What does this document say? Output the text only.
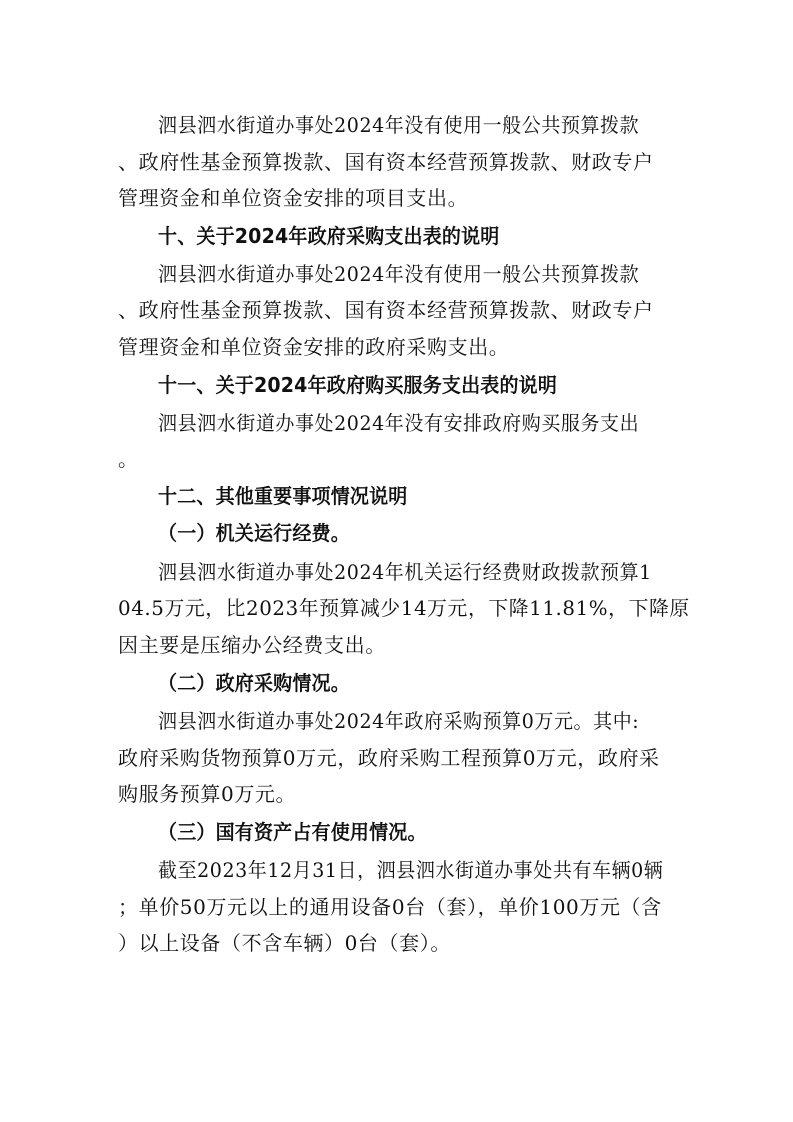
泗县泗水街道办事处2024年没有使用一般公共预算拨款
、政府性基金预算拨款、国有资本经营预算拨款、财政专户
管理资金和单位资金安排的项目支出。
十、关于2024年政府采购支出表的说明
泗县泗水街道办事处2024年没有使用一般公共预算拨款
、政府性基金预算拨款、国有资本经营预算拨款、财政专户
管理资金和单位资金安排的政府采购支出。
十一、关于2024年政府购买服务支出表的说明
泗县泗水街道办事处2024年没有安排政府购买服务支出
。
十二、其他重要事项情况说明
（一）机关运行经费。
泗县泗水街道办事处2024年机关运行经费财政拨款预算1
04.5万元，比2023年预算减少14万元，下降11.81%，下降原
因主要是压缩办公经费支出。
（二）政府采购情况。
泗县泗水街道办事处2024年政府采购预算0万元。其中:
政府采购货物预算0万元，政府采购工程预算0万元，政府采
购服务预算0万元。
（三）国有资产占有使用情况。
截至2023年12月31日，泗县泗水街道办事处共有车辆0辆
；单价50万元以上的通用设备0台（套），单价100万元（含
）以上设备（不含车辆）0台（套）。
